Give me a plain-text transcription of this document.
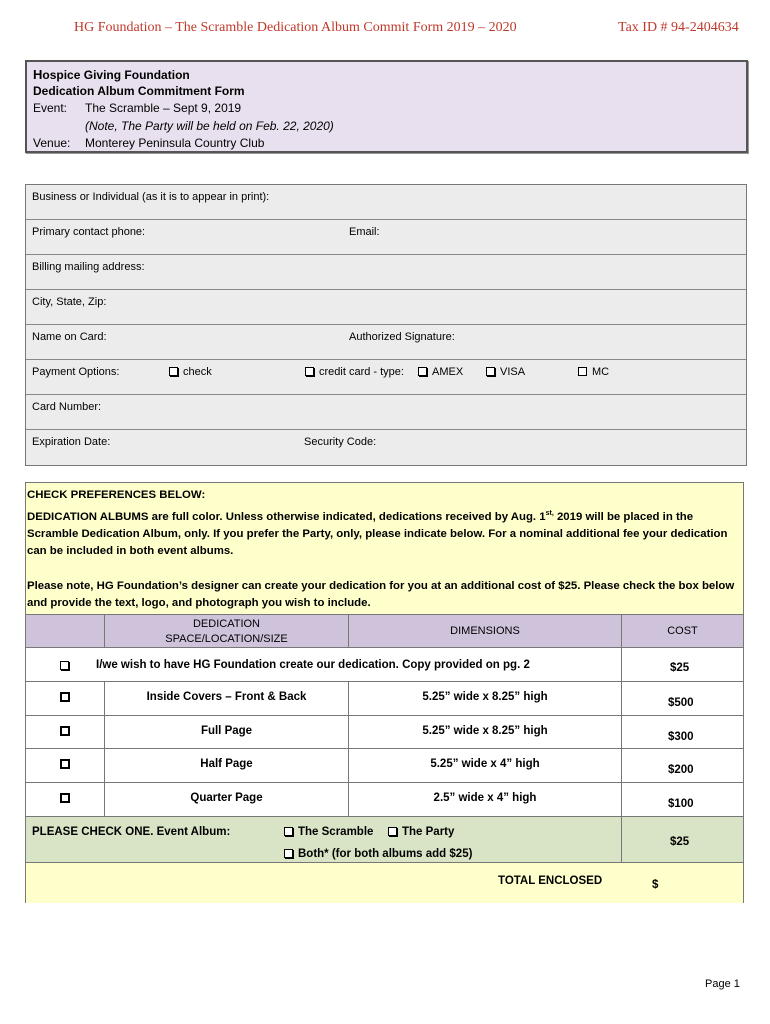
HG Foundation – The Scramble Dedication Album Commit Form 2019 – 2020	Tax ID # 94-2404634
Hospice Giving Foundation
Dedication Album Commitment Form
Event: The Scramble – Sept 9, 2019
(Note, The Party will be held on Feb. 22, 2020)
Venue: Monterey Peninsula Country Club
Business or Individual (as it is to appear in print):
Primary contact phone:	Email:
Billing mailing address:
City, State, Zip:
Name on Card:	Authorized Signature:
Payment Options:	check	credit card - type:	AMEX	VISA	MC
Card Number:
Expiration Date:	Security Code:

CHECK PREFERENCES BELOW:

DEDICATION ALBUMS are full color. Unless otherwise indicated, dedications received by Aug. $1^{st,}$ 2019 will be placed in the Scramble Dedication Album, only. If you prefer the Party, only, please indicate below. For a nominal additional fee your dedication can be included in both event albums.

Please note, HG Foundation’s designer can create your dedication for you at an additional cost of $25. Please check the box below and provide the text, logo, and photograph you wish to include.

DEDICATION
SPACE/LOCATION/SIZE
DIMENSIONS	COST
I/we wish to have HG Foundation create our dedication. Copy provided on pg. 2	$25
Inside Covers – Front & Back	5.25” wide x 8.25” high	$500
Full Page	5.25” wide x 8.25” high	$300
Half Page	5.25” wide x 4” high	$200
Quarter Page	2.5” wide x 4” high	$100
PLEASE CHECK ONE. Event Album:	The Scramble	The Party
Both* (for both albums add $25)
$25
TOTAL ENCLOSED	$
Page 1
